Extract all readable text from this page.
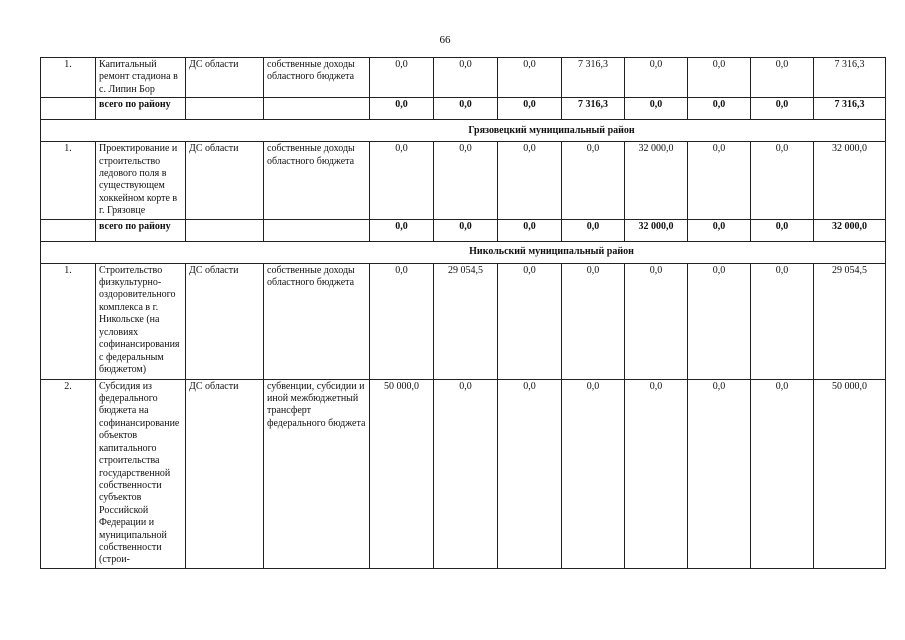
66
1.	Капитальный ремонт стадиона в с. Липин Бор	ДС области	собственные доходы областного бюджета	0,0	0,0	0,0	7 316,3	0,0	0,0	0,0	7 316,3
	всего по району			0,0	0,0	0,0	7 316,3	0,0	0,0	0,0	7 316,3
Грязовецкий муниципальный район											
1.	Проектирование и строительство ледового поля в существующем хоккейном корте в г. Грязовце	ДС области	собственные доходы областного бюджета	0,0	0,0	0,0	0,0	32 000,0	0,0	0,0	32 000,0
	всего по району			0,0	0,0	0,0	0,0	32 000,0	0,0	0,0	32 000,0
Никольский муниципальный район											
1.	Строительство физкультурно-оздоровительного комплекса в г. Никольске (на условиях софинансирования с федеральным бюджетом)	ДС области	собственные доходы областного бюджета	0,0	29 054,5	0,0	0,0	0,0	0,0	0,0	29 054,5
2.	Субсидия из федерального бюджета на софинансирование объектов капитального строительства государственной собственности субъектов Российской Федерации и муниципальной собственности (строи-	ДС области	субвенции, субсидии и иной межбюджетный трансферт федерального бюджета	50 000,0	0,0	0,0	0,0	0,0	0,0	0,0	50 000,0
